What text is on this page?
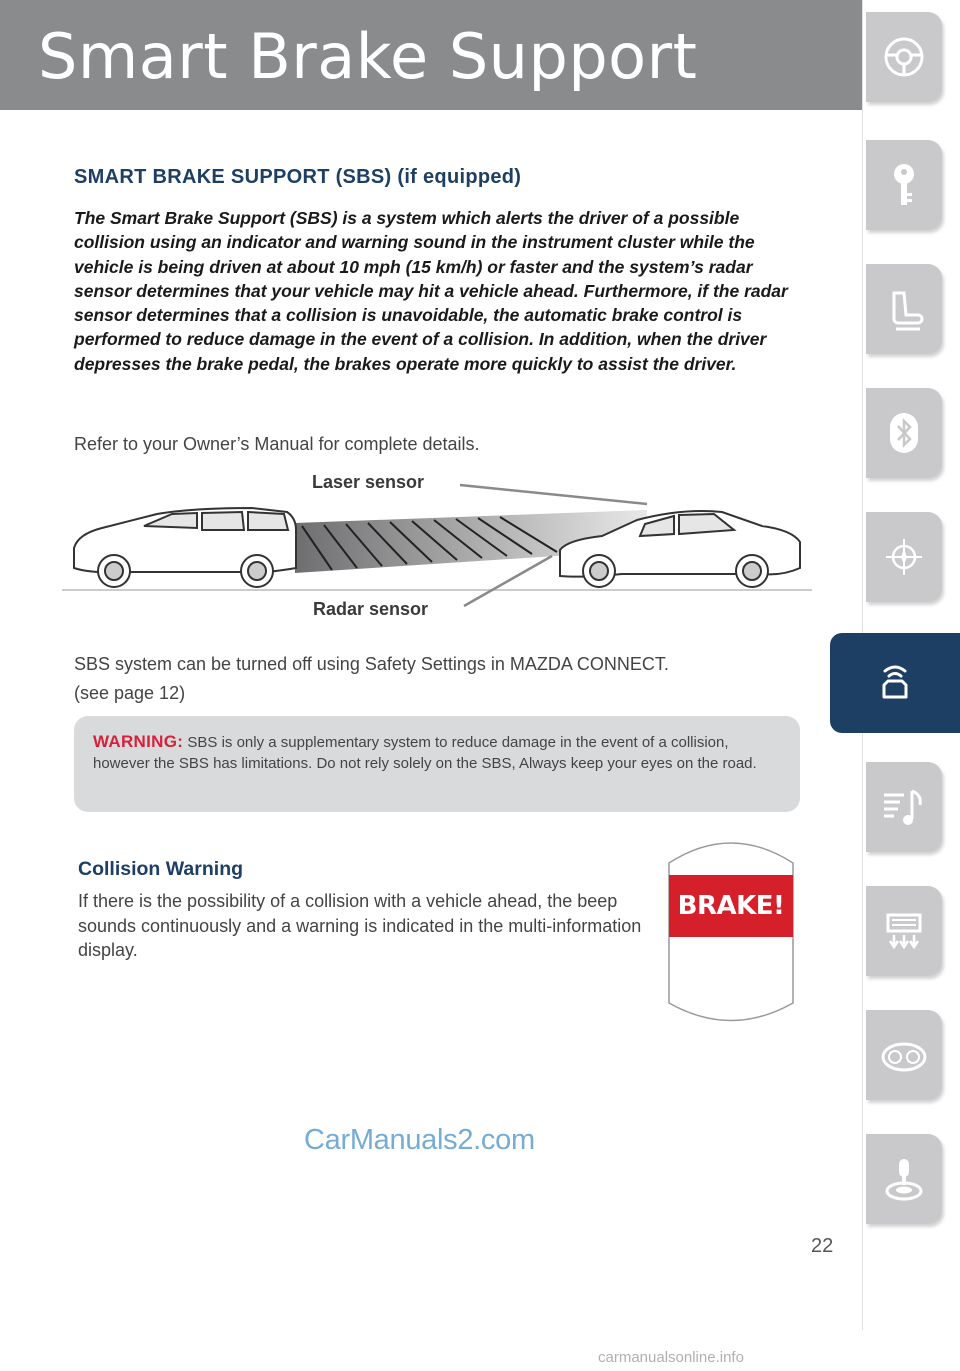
Smart Brake Support
SMART BRAKE SUPPORT (SBS) (if equipped)
The Smart Brake Support (SBS) is a system which alerts the driver of a possible collision using an indicator and warning sound in the instrument cluster while the vehicle is being driven at about 10 mph (15 km/h) or faster and the system’s radar sensor determines that your vehicle may hit a vehicle ahead. Furthermore, if the radar sensor determines that a collision is unavoidable, the automatic brake control is performed to reduce damage in the event of a collision. In addition, when the driver depresses the brake pedal, the brakes operate more quickly to assist the driver.
Refer to your Owner’s Manual for complete details.
Laser sensor
Radar sensor
SBS system can be turned off using Safety Settings in MAZDA CONNECT.
(see page 12)
WARNING: SBS is only a supplementary system to reduce damage in the event of a collision, however the SBS has limitations. Do not rely solely on the SBS, Always keep your eyes on the road.
Collision Warning
If there is the possibility of a collision with a vehicle ahead, the beep sounds continuously and a warning is indicated in the multi-information display.
BRAKE!
CarManuals2.com
22
carmanualsonline.info
